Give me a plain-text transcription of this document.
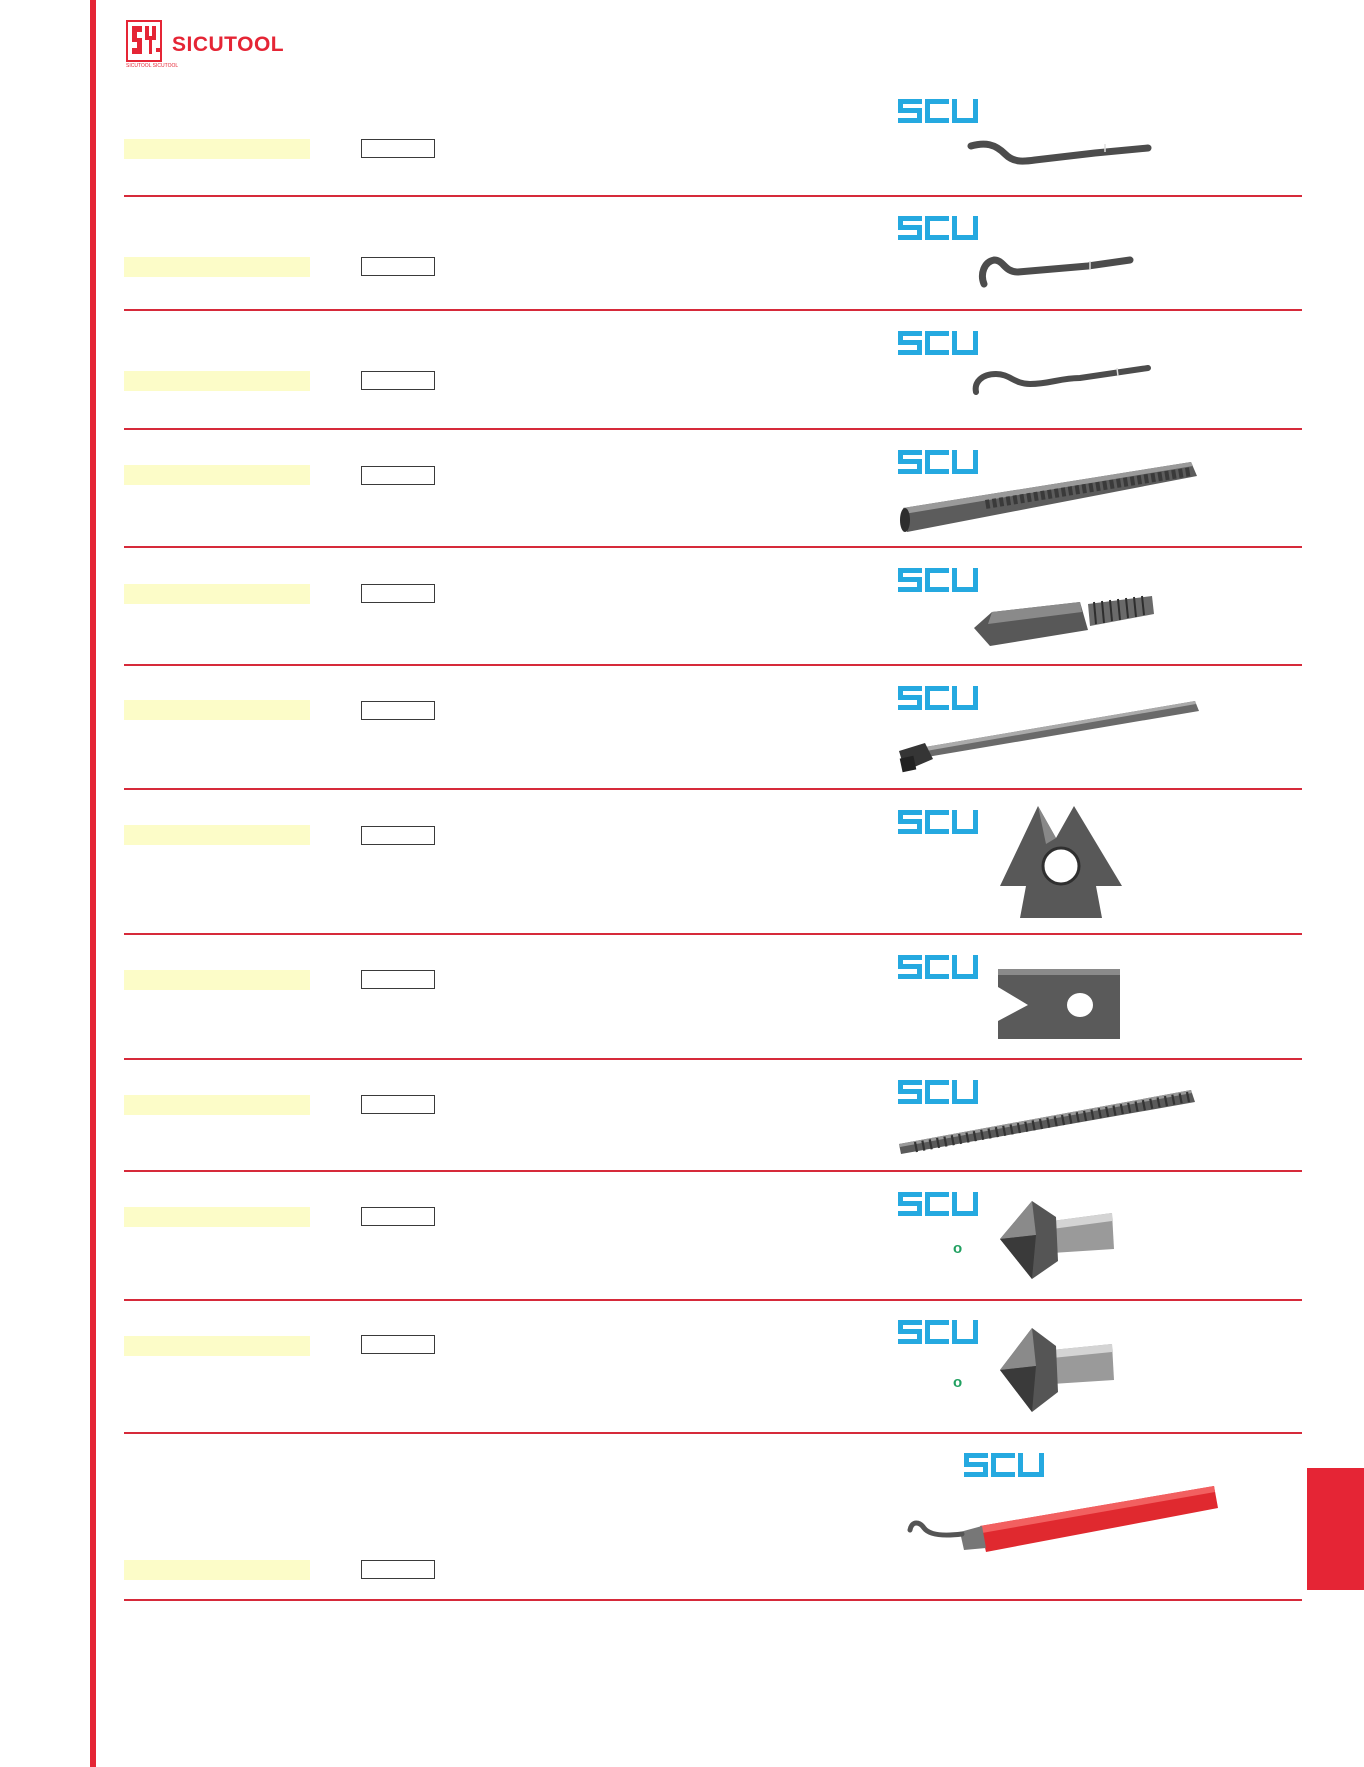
SICUTOOL
SICUTOOL SICUTOOL
o
o
